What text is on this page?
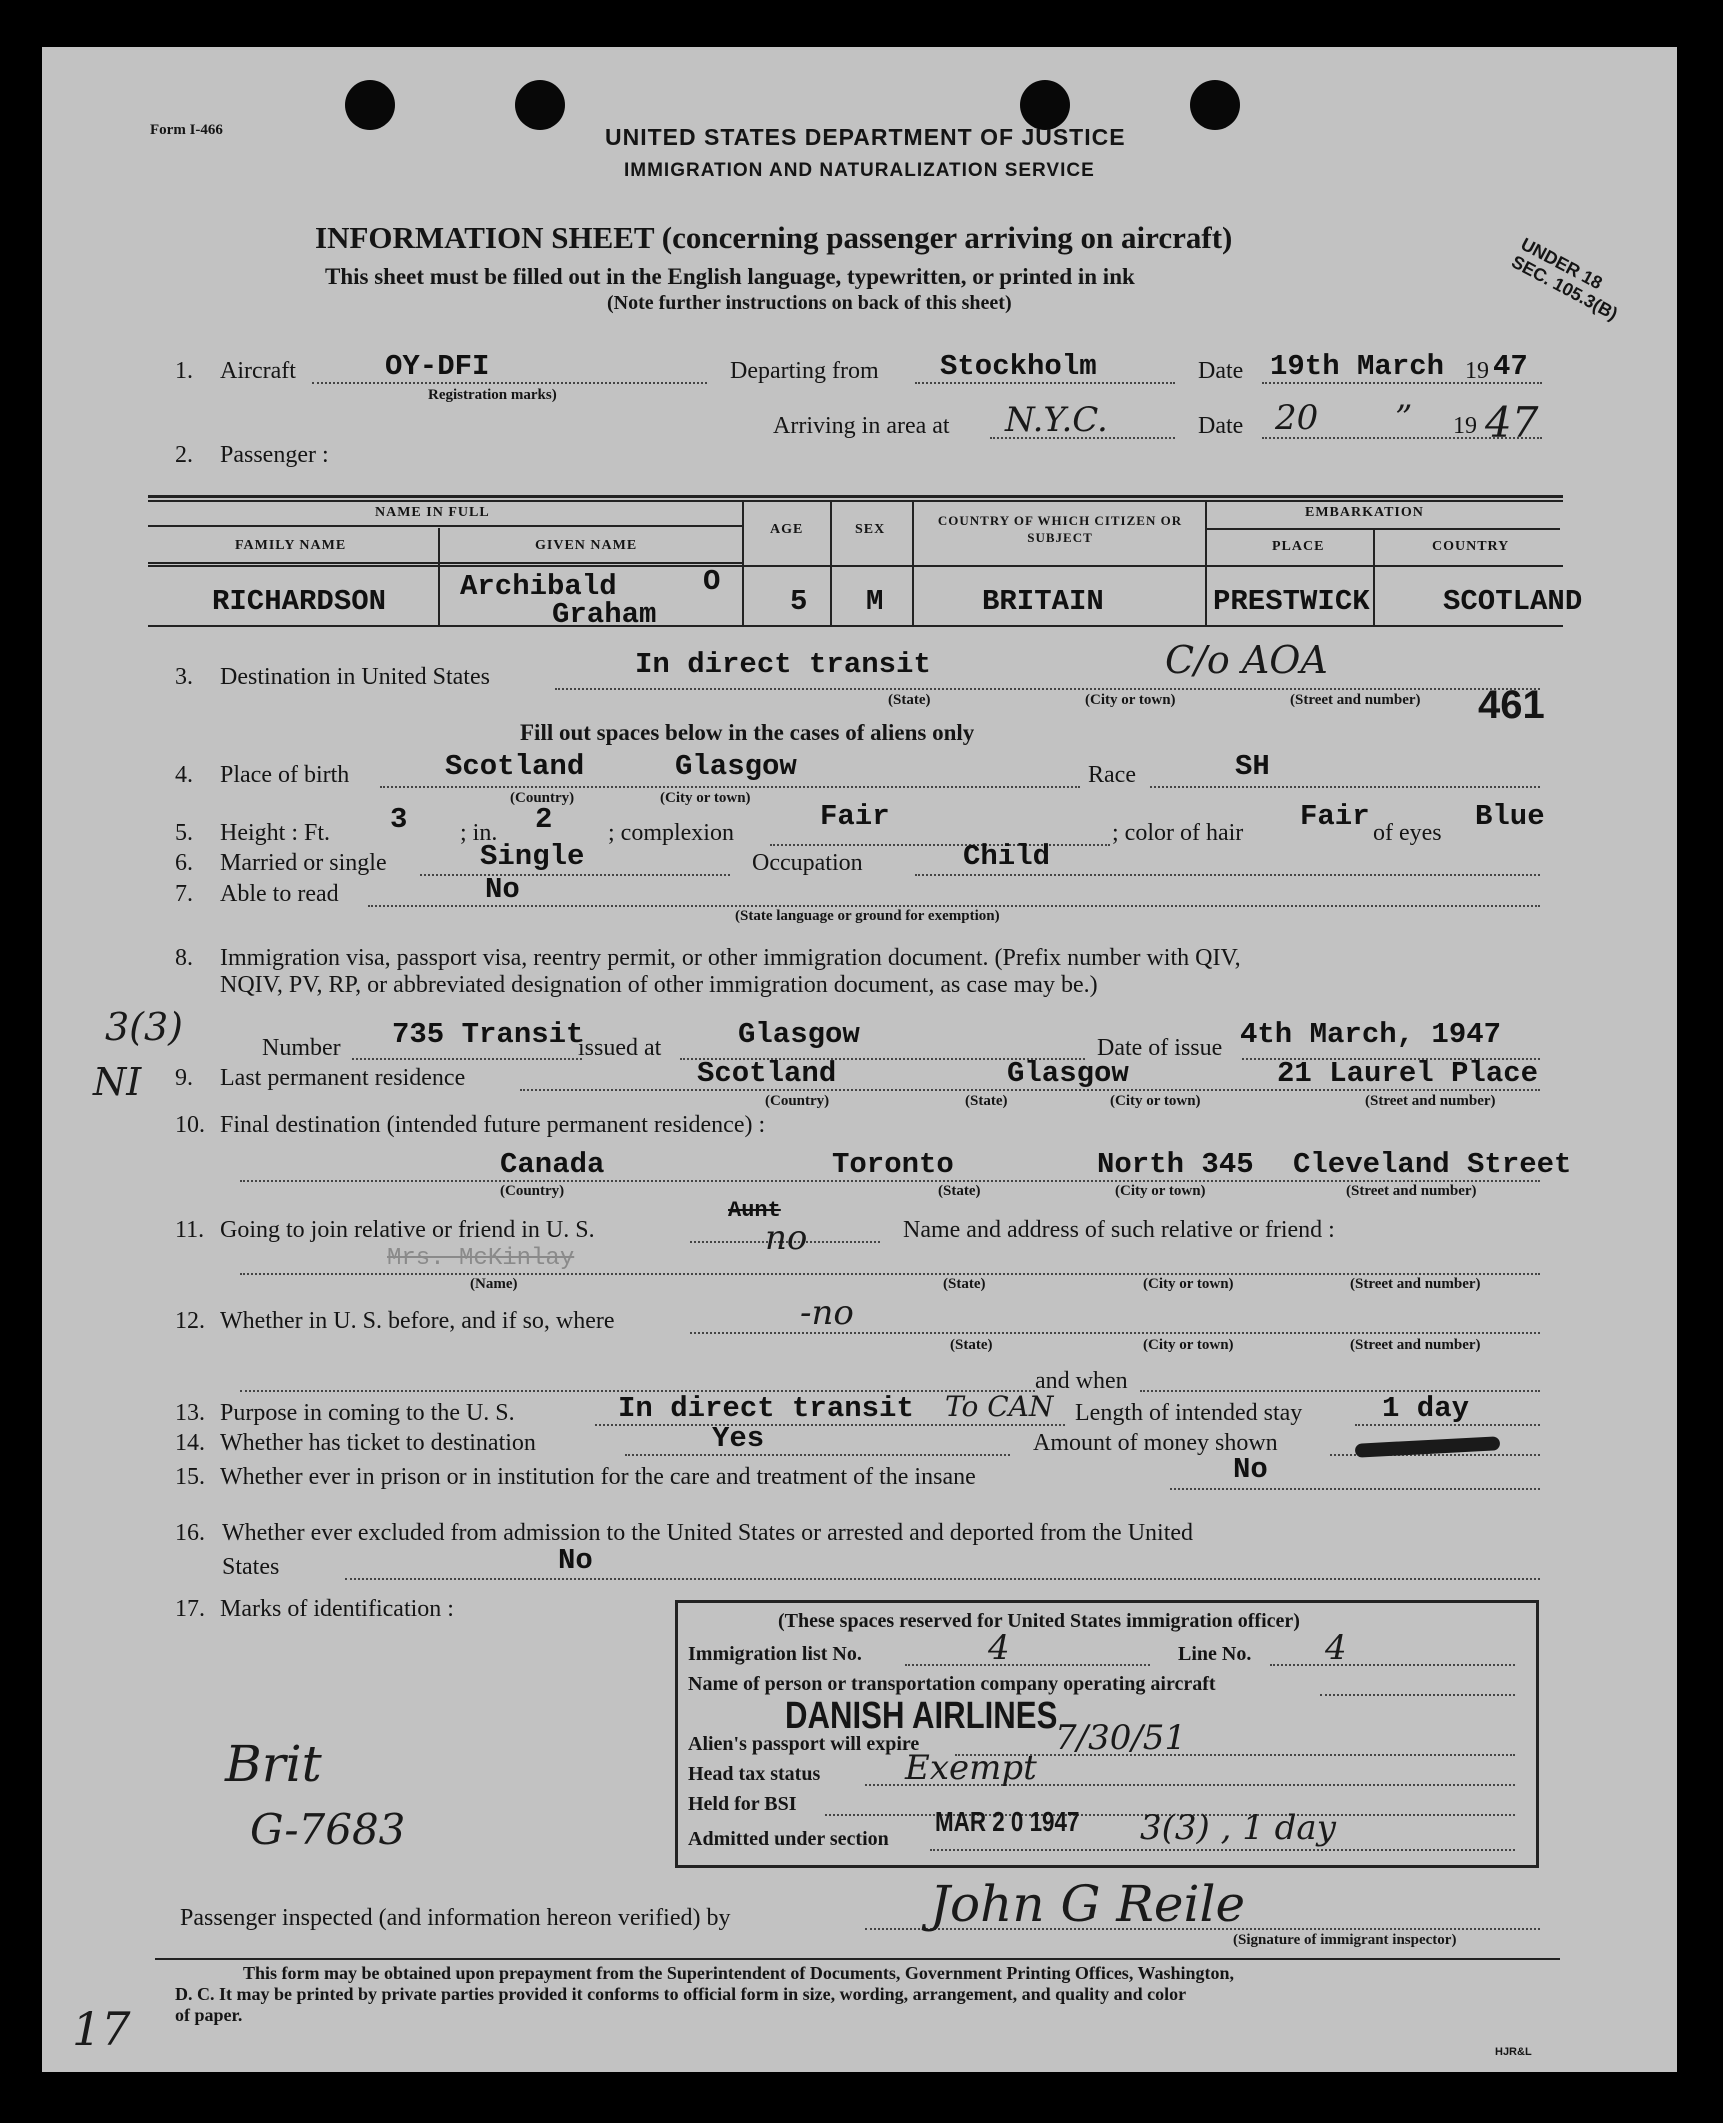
Form I-466	UNITED STATES DEPARTMENT OF JUSTICE
IMMIGRATION AND NATURALIZATION SERVICE
INFORMATION SHEET (concerning passenger arriving on aircraft)
This sheet must be filled out in the English language, typewritten, or printed in ink
(Note further instructions on back of this sheet)
UNDER 18 SEC. 105.3(B)
1. Aircraft	OY-DFI
Registration marks)
Departing from Stockholm	Date 19th March 19 47
Arriving in area at N.Y.C.	Date 20 ” 19 47
2. Passenger :
NAME IN FULL
FAMILY NAME	GIVEN NAME
AGE	SEX
COUNTRY OF WHICH CITIZEN OR SUBJECT
EMBARKATION
PLACE	COUNTRY
RICHARDSON	Archibald
Graham
O
5 M	BRITAIN	PRESTWICK	SCOTLAND
3. Destination in United States	In direct transit	C/o AOA
(State)	(City or town)	(Street and number) 461
Fill out spaces below in the cases of aliens only
4. Place of birth	Scotland	Glasgow
(Country)	(City or town)
Race	SH
5. Height : Ft. 3 ; in. 2 ; complexion	Fair	; color of hair Fair of eyes Blue
6. Married or single	Single	Occupation	Child
7. Able to read	No
(State language or ground for exemption)
8. Immigration visa, passport visa, reentry permit, or other immigration document. (Prefix number with QIV,
NQIV, PV, RP, or abbreviated designation of other immigration document, as case may be.)
3(3)	Number 735 Transit
issued at	Glasgow	Date of issue 4th March, 1947
NI 9. Last permanent residence	Scotland	Glasgow	21 Laurel Place
(Country)	(State)	(City or town)	(Street and number)
10. Final destination (intended future permanent residence) :
Canada	Toronto	North 345 Cleveland Street
(Country)	(State)	(City or town)	(Street and number)
11. Going to join relative or friend in U. S.
Aunt
no	Name and address of such relative or friend :
Mrs. McKinlay
(Name)	(State)	(City or town)	(Street and number)
12. Whether in U. S. before, and if so, where	-no
(State)	(City or town)	(Street and number)
and when
13. Purpose in coming to the U. S.	In direct transit To CAN Length of intended stay	1 day
14. Whether has ticket to destination	Yes	Amount of money shown
15. Whether ever in prison or in institution for the care and treatment of the insane	No
16. Whether ever excluded from admission to the United States or arrested and deported from the United
States	No
17. Marks of identification :
Brit
G-7683
(These spaces reserved for United States immigration officer)
Immigration list No.	4	Line No. 4
Name of person or transportation company operating aircraft
DANISH AIRLINES
Alien's passport will expire	7/30/51
Head tax status Exempt
Held for BSI
MAR 2 0 1947
Admitted under section	3(3) , 1 day
Passenger inspected (and information hereon verified) by	John G Reile
(Signature of immigrant inspector)
This form may be obtained upon prepayment from the Superintendent of Documents, Government Printing Offices, Washington,
D. C. It may be printed by private parties provided it conforms to official form in size, wording, arrangement, and quality and color
of paper.
HJR&L
17
